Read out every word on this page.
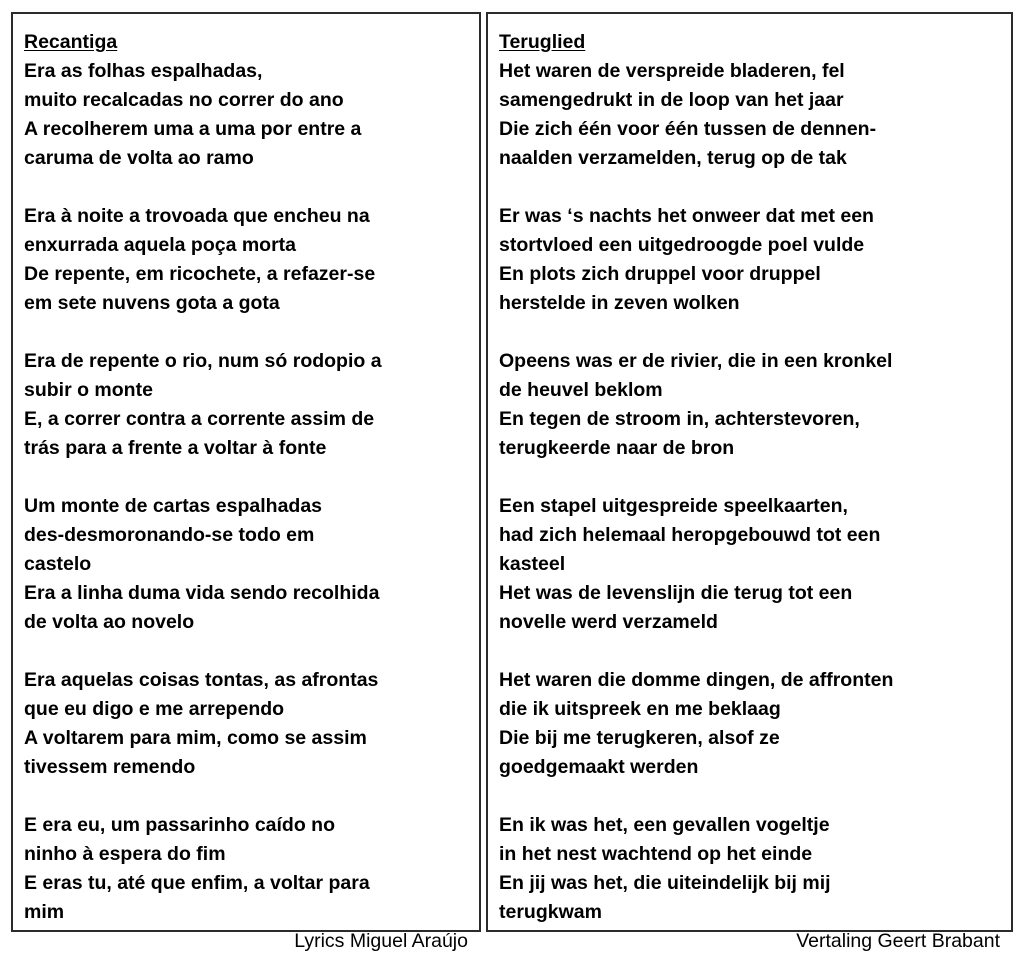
Recantiga
Era as folhas espalhadas,
muito recalcadas no correr do ano
A recolherem uma a uma por entre a
caruma de volta ao ramo
Era à noite a trovoada que encheu na
enxurrada aquela poça morta
De repente, em ricochete, a refazer-se
em sete nuvens gota a gota
Era de repente o rio, num só rodopio a
subir o monte
E, a correr contra a corrente assim de
trás para a frente a voltar à fonte
Um monte de cartas espalhadas
des-desmoronando-se todo em
castelo
Era a linha duma vida sendo recolhida
de volta ao novelo
Era aquelas coisas tontas, as afrontas
que eu digo e me arrependo
A voltarem para mim, como se assim
tivessem remendo
E era eu, um passarinho caído no
ninho à espera do fim
E eras tu, até que enfim, a voltar para
mim
Lyrics Miguel Araújo
Teruglied
Het waren de verspreide bladeren, fel
samengedrukt in de loop van het jaar
Die zich één voor één tussen de dennen-
naalden verzamelden, terug op de tak
Er was ‘s nachts het onweer dat met een
stortvloed een uitgedroogde poel vulde
En plots zich druppel voor druppel
herstelde in zeven wolken
Opeens was er de rivier, die in een kronkel
de heuvel beklom
En tegen de stroom in, achterstevoren,
terugkeerde naar de bron
Een stapel uitgespreide speelkaarten,
had zich helemaal heropgebouwd tot een
kasteel
Het was de levenslijn die terug tot een
novelle werd verzameld
Het waren die domme dingen, de affronten
die ik uitspreek en me beklaag
Die bij me terugkeren, alsof ze
goedgemaakt werden
En ik was het, een gevallen vogeltje
in het nest wachtend op het einde
En jij was het, die uiteindelijk bij mij
terugkwam
Vertaling Geert Brabant
